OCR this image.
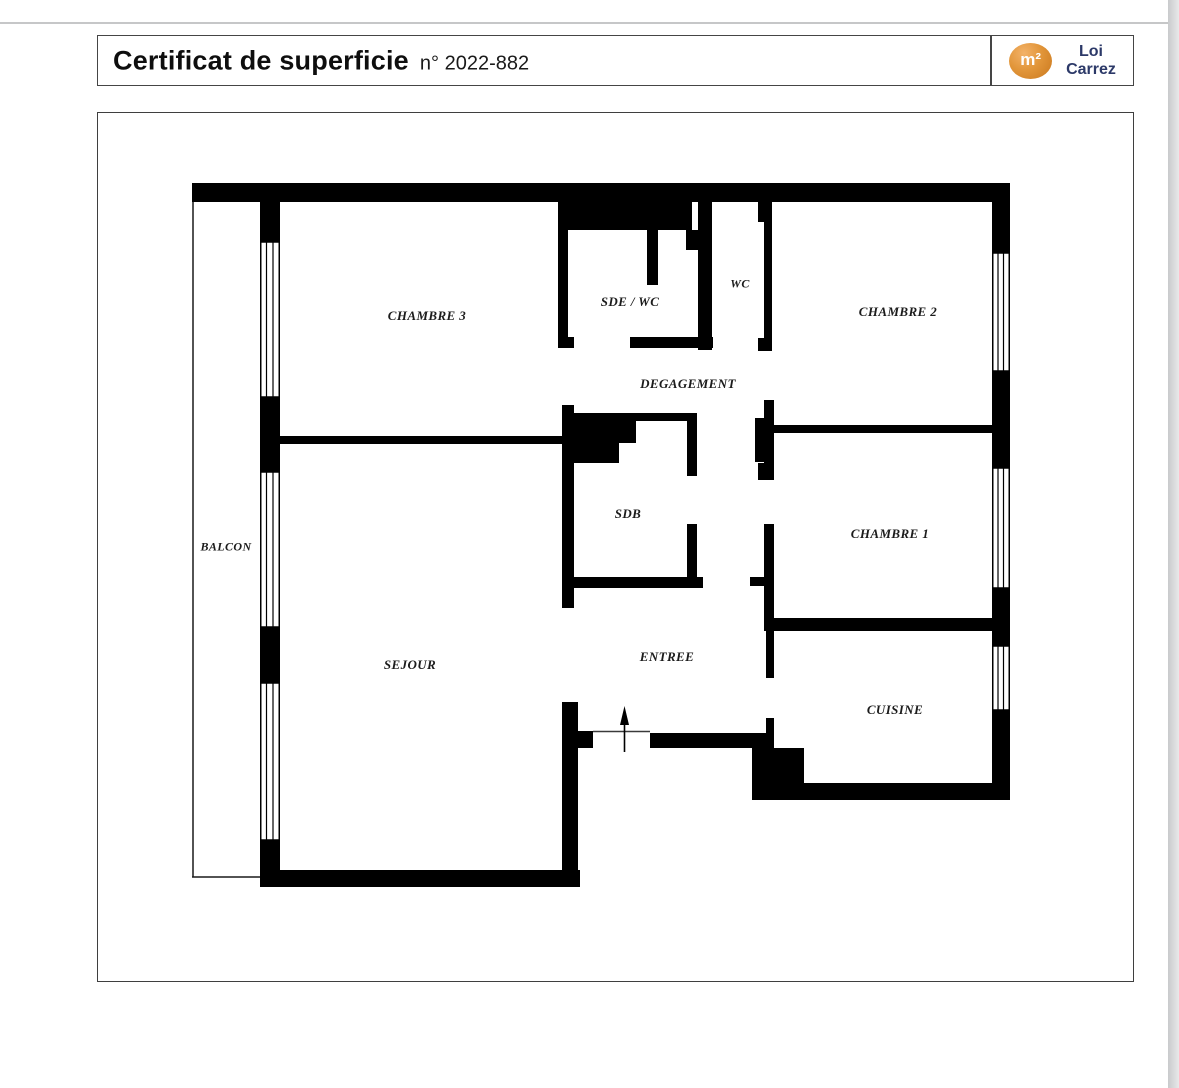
Certificat de superficie n° 2022-882	m²	Loi
Carrez
CHAMBRE 3
SDE / WC
WC
CHAMBRE 2
DEGAGEMENT
SDB
CHAMBRE 1
BALCON
SEJOUR
ENTREE
CUISINE
